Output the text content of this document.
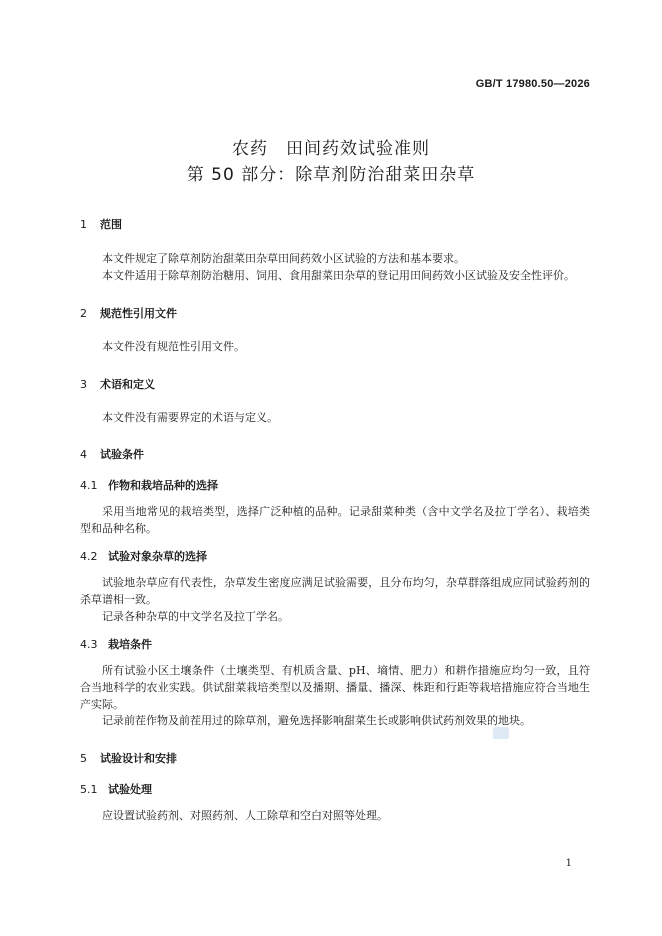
GB/T 17980.50—2026
农药　田间药效试验准则
第 50 部分：除草剂防治甜菜田杂草
1 范围
本文件规定了除草剂防治甜菜田杂草田间药效小区试验的方法和基本要求。
本文件适用于除草剂防治糖用、饲用、食用甜菜田杂草的登记用田间药效小区试验及安全性评价。
2 规范性引用文件
本文件没有规范性引用文件。
3 术语和定义
本文件没有需要界定的术语与定义。
4 试验条件
4.1 作物和栽培品种的选择
采用当地常见的栽培类型，选择广泛种植的品种。记录甜菜种类（含中文学名及拉丁学名）、栽培类型和品种名称。
4.2 试验对象杂草的选择
试验地杂草应有代表性，杂草发生密度应满足试验需要，且分布均匀，杂草群落组成应同试验药剂的杀草谱相一致。
记录各种杂草的中文学名及拉丁学名。
4.3 栽培条件
所有试验小区土壤条件（土壤类型、有机质含量、pH、墒情、肥力）和耕作措施应均匀一致，且符合当地科学的农业实践。供试甜菜栽培类型以及播期、播量、播深、株距和行距等栽培措施应符合当地生产实际。
记录前茬作物及前茬用过的除草剂，避免选择影响甜菜生长或影响供试药剂效果的地块。
5 试验设计和安排
5.1 试验处理
应设置试验药剂、对照药剂、人工除草和空白对照等处理。
1
